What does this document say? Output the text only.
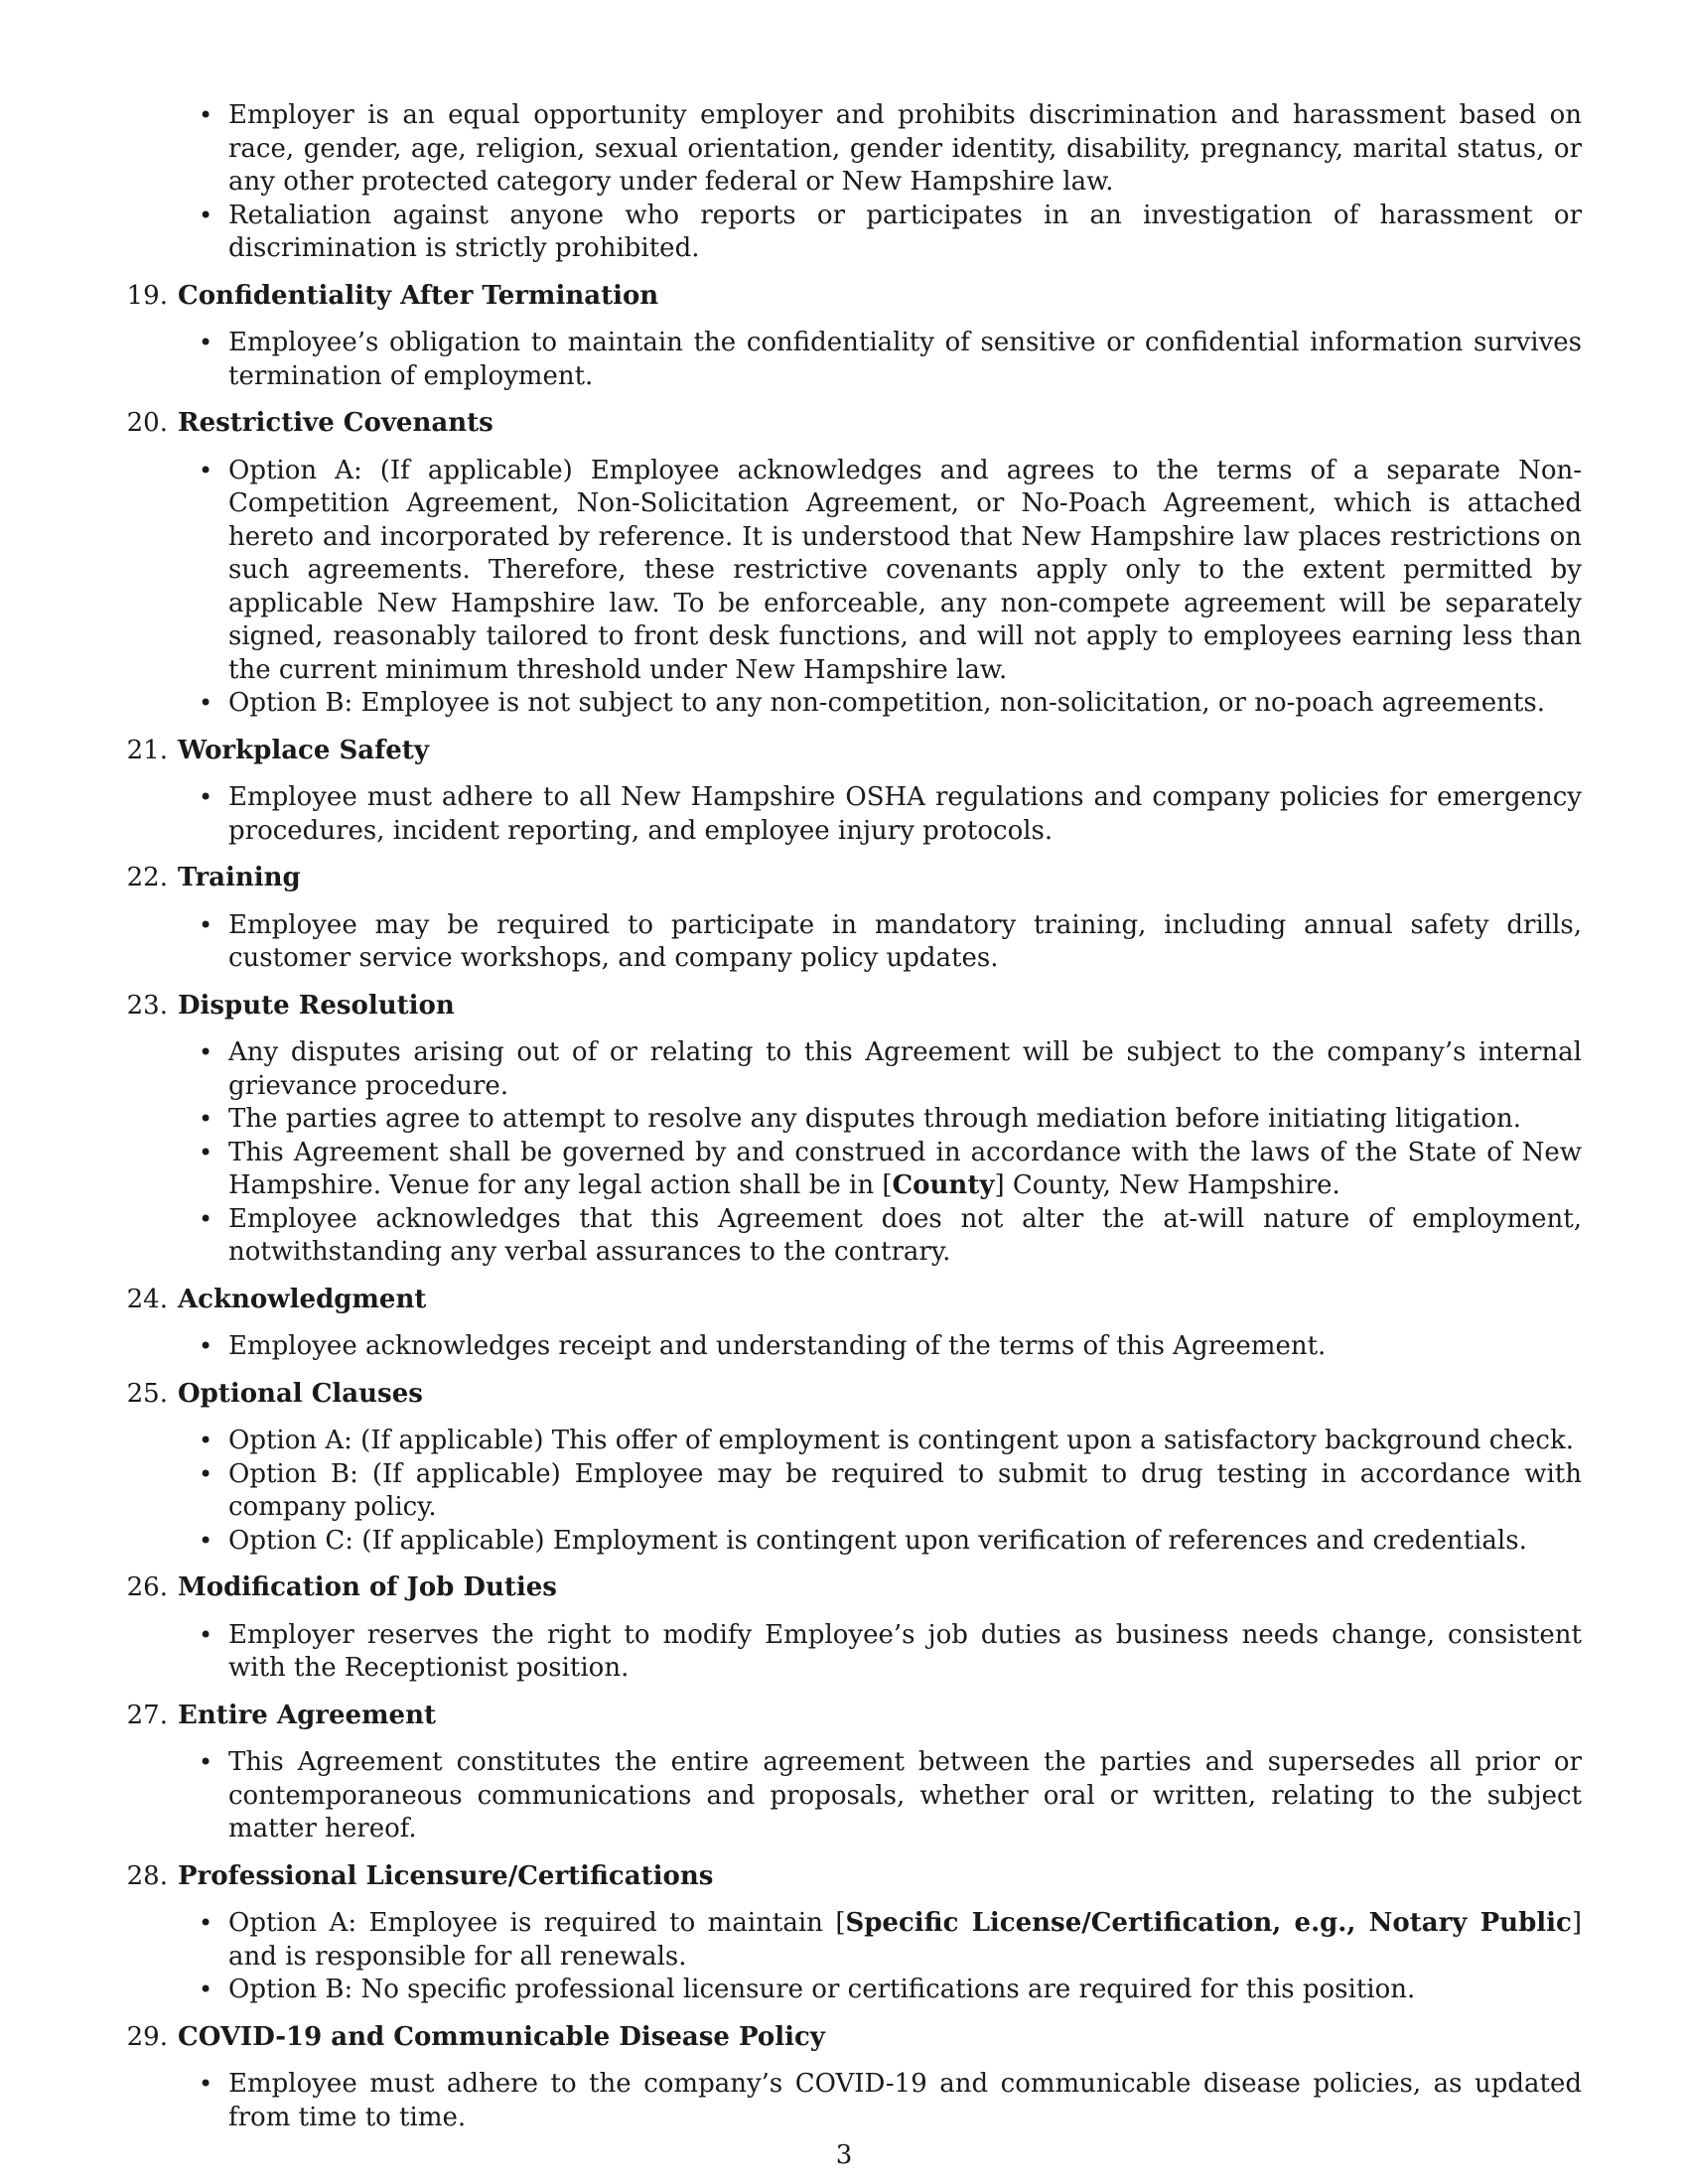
• Employer is an equal opportunity employer and prohibits discrimination and harassment based on race, gender, age, religion, sexual orientation, gender identity, disability, pregnancy, marital status, or any other protected category under federal or New Hampshire law.
• Retaliation against anyone who reports or participates in an investigation of harassment or discrimination is strictly prohibited.
19. Confidentiality After Termination
• Employee’s obligation to maintain the confidentiality of sensitive or confidential information survives termination of employment.
20. Restrictive Covenants
• Option A: (If applicable) Employee acknowledges and agrees to the terms of a separate Non-Competition Agreement, Non-Solicitation Agreement, or No-Poach Agreement, which is attached hereto and incorporated by reference. It is understood that New Hampshire law places restrictions on such agreements. Therefore, these restrictive covenants apply only to the extent permitted by applicable New Hampshire law. To be enforceable, any non-compete agreement will be separately signed, reasonably tailored to front desk functions, and will not apply to employees earning less than the current minimum threshold under New Hampshire law.
• Option B: Employee is not subject to any non-competition, non-solicitation, or no-poach agreements.
21. Workplace Safety
• Employee must adhere to all New Hampshire OSHA regulations and company policies for emergency procedures, incident reporting, and employee injury protocols.
22. Training
• Employee may be required to participate in mandatory training, including annual safety drills, customer service workshops, and company policy updates.
23. Dispute Resolution
• Any disputes arising out of or relating to this Agreement will be subject to the company’s internal grievance procedure.
• The parties agree to attempt to resolve any disputes through mediation before initiating litigation.
• This Agreement shall be governed by and construed in accordance with the laws of the State of New Hampshire. Venue for any legal action shall be in [County] County, New Hampshire.
• Employee acknowledges that this Agreement does not alter the at-will nature of employment, notwithstanding any verbal assurances to the contrary.
24. Acknowledgment
• Employee acknowledges receipt and understanding of the terms of this Agreement.
25. Optional Clauses
• Option A: (If applicable) This offer of employment is contingent upon a satisfactory background check.
• Option B: (If applicable) Employee may be required to submit to drug testing in accordance with company policy.
• Option C: (If applicable) Employment is contingent upon verification of references and credentials.
26. Modification of Job Duties
• Employer reserves the right to modify Employee’s job duties as business needs change, consistent with the Receptionist position.
27. Entire Agreement
• This Agreement constitutes the entire agreement between the parties and supersedes all prior or contemporaneous communications and proposals, whether oral or written, relating to the subject matter hereof.
28. Professional Licensure/Certifications
• Option A: Employee is required to maintain [Specific License/Certification, e.g., Notary Public] and is responsible for all renewals.
• Option B: No specific professional licensure or certifications are required for this position.
29. COVID-19 and Communicable Disease Policy
• Employee must adhere to the company’s COVID-19 and communicable disease policies, as updated from time to time.
3
